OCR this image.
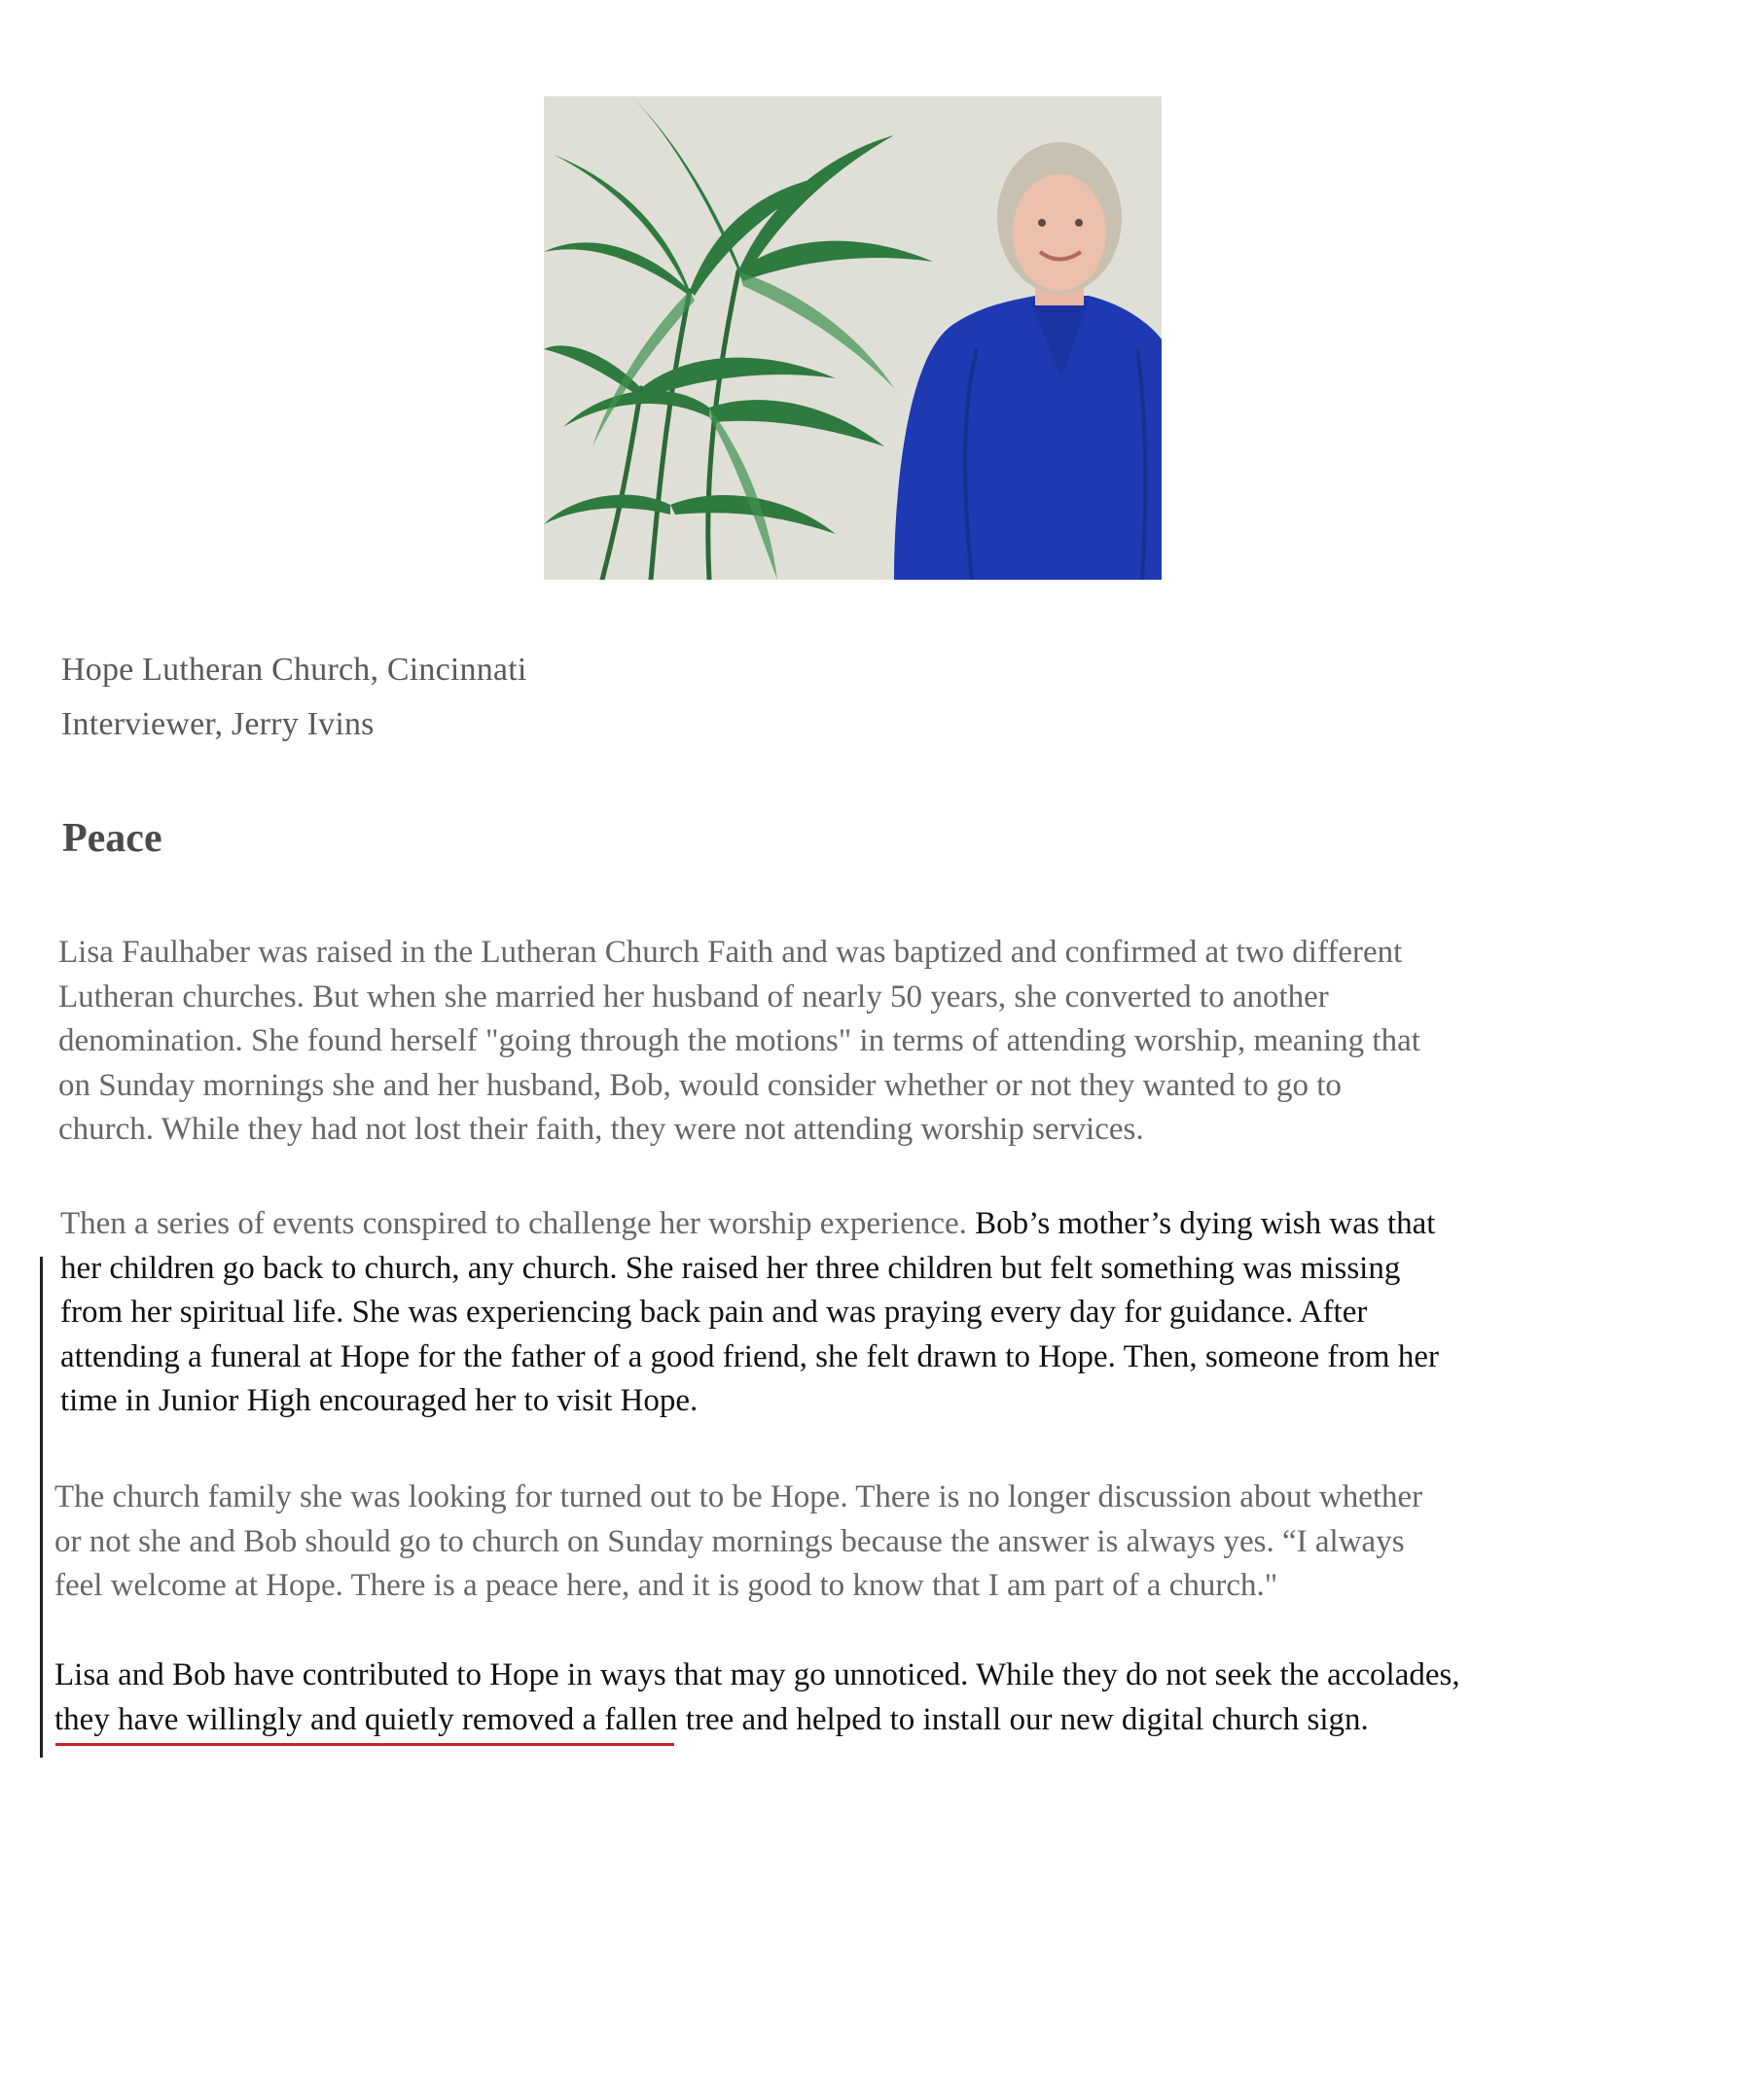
Hope Lutheran Church, Cincinnati
Interviewer, Jerry Ivins
Peace
Lisa Faulhaber was raised in the Lutheran Church Faith and was baptized and confirmed at two different
Lutheran churches. But when she married her husband of nearly 50 years, she converted to another
denomination. She found herself "going through the motions" in terms of attending worship, meaning that
on Sunday mornings she and her husband, Bob, would consider whether or not they wanted to go to
church. While they had not lost their faith, they were not attending worship services.
Then a series of events conspired to challenge her worship experience. Bob’s mother’s dying wish was that
her children go back to church, any church. She raised her three children but felt something was missing
from her spiritual life. She was experiencing back pain and was praying every day for guidance. After
attending a funeral at Hope for the father of a good friend, she felt drawn to Hope. Then, someone from her
time in Junior High encouraged her to visit Hope.
The church family she was looking for turned out to be Hope. There is no longer discussion about whether
or not she and Bob should go to church on Sunday mornings because the answer is always yes. “I always
feel welcome at Hope. There is a peace here, and it is good to know that I am part of a church."
Lisa and Bob have contributed to Hope in ways that may go unnoticed. While they do not seek the accolades,
they have willingly and quietly removed a fallen tree and helped to install our new digital church sign.
